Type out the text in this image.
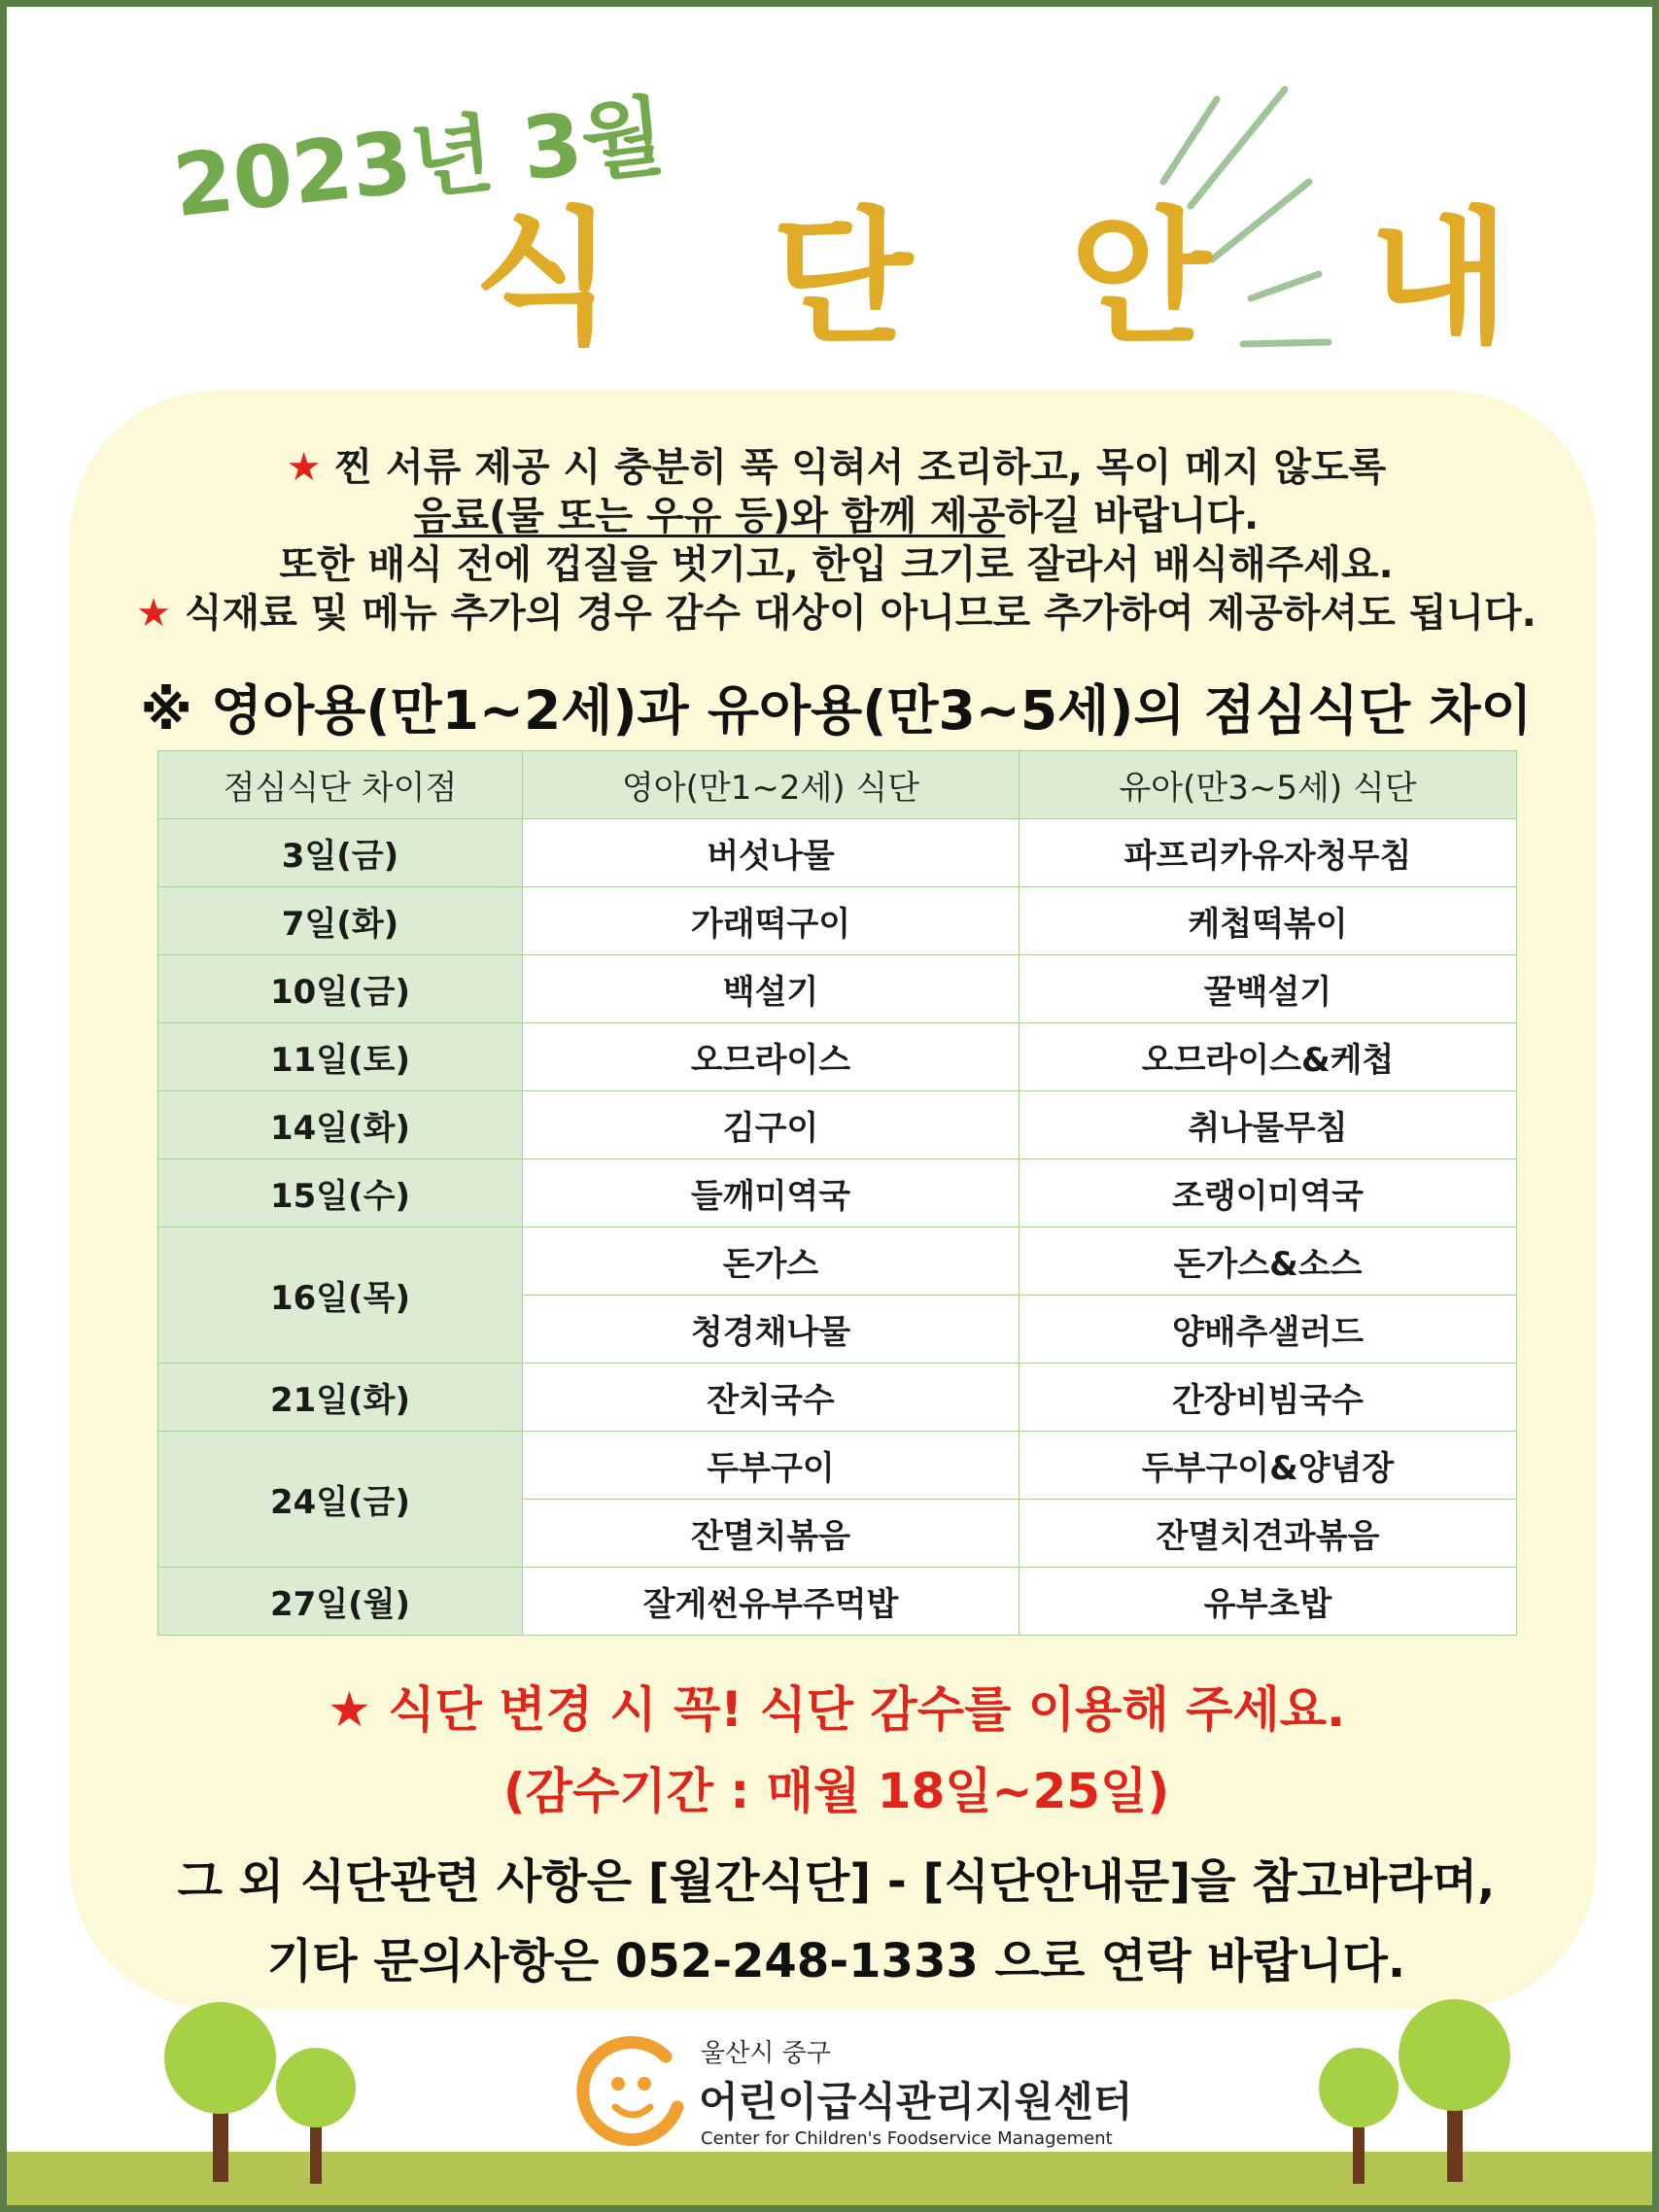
2023년 3월
식 단 안 내
★ 찐 서류 제공 시 충분히 푹 익혀서 조리하고, 목이 메지 않도록
음료(물 또는 우유 등)와 함께 제공하길 바랍니다.
또한 배식 전에 껍질을 벗기고, 한입 크기로 잘라서 배식해주세요.
★ 식재료 및 메뉴 추가의 경우 감수 대상이 아니므로 추가하여 제공하셔도 됩니다.
※ 영아용(만1~2세)과 유아용(만3~5세)의 점심식단 차이
점심식단 차이점	영아(만1~2세) 식단	유아(만3~5세) 식단
3일(금)	버섯나물	파프리카유자청무침
7일(화)	가래떡구이	케첩떡볶이
10일(금)	백설기	꿀백설기
11일(토)	오므라이스	오므라이스&케첩
14일(화)	김구이	취나물무침
15일(수)	들깨미역국	조랭이미역국
16일(목)	돈가스	돈가스&소스
	청경채나물	양배추샐러드
21일(화)	잔치국수	간장비빔국수
24일(금)	두부구이	두부구이&양념장
	잔멸치볶음	잔멸치견과볶음
27일(월)	잘게썬유부주먹밥	유부초밥
★ 식단 변경 시 꼭! 식단 감수를 이용해 주세요.
(감수기간 : 매월 18일~25일)
그 외 식단관련 사항은 [월간식단] - [식단안내문]을 참고바라며,
기타 문의사항은 052-248-1333 으로 연락 바랍니다.
울산시 중구
어린이급식관리지원센터
Center for Children's Foodservice Management
